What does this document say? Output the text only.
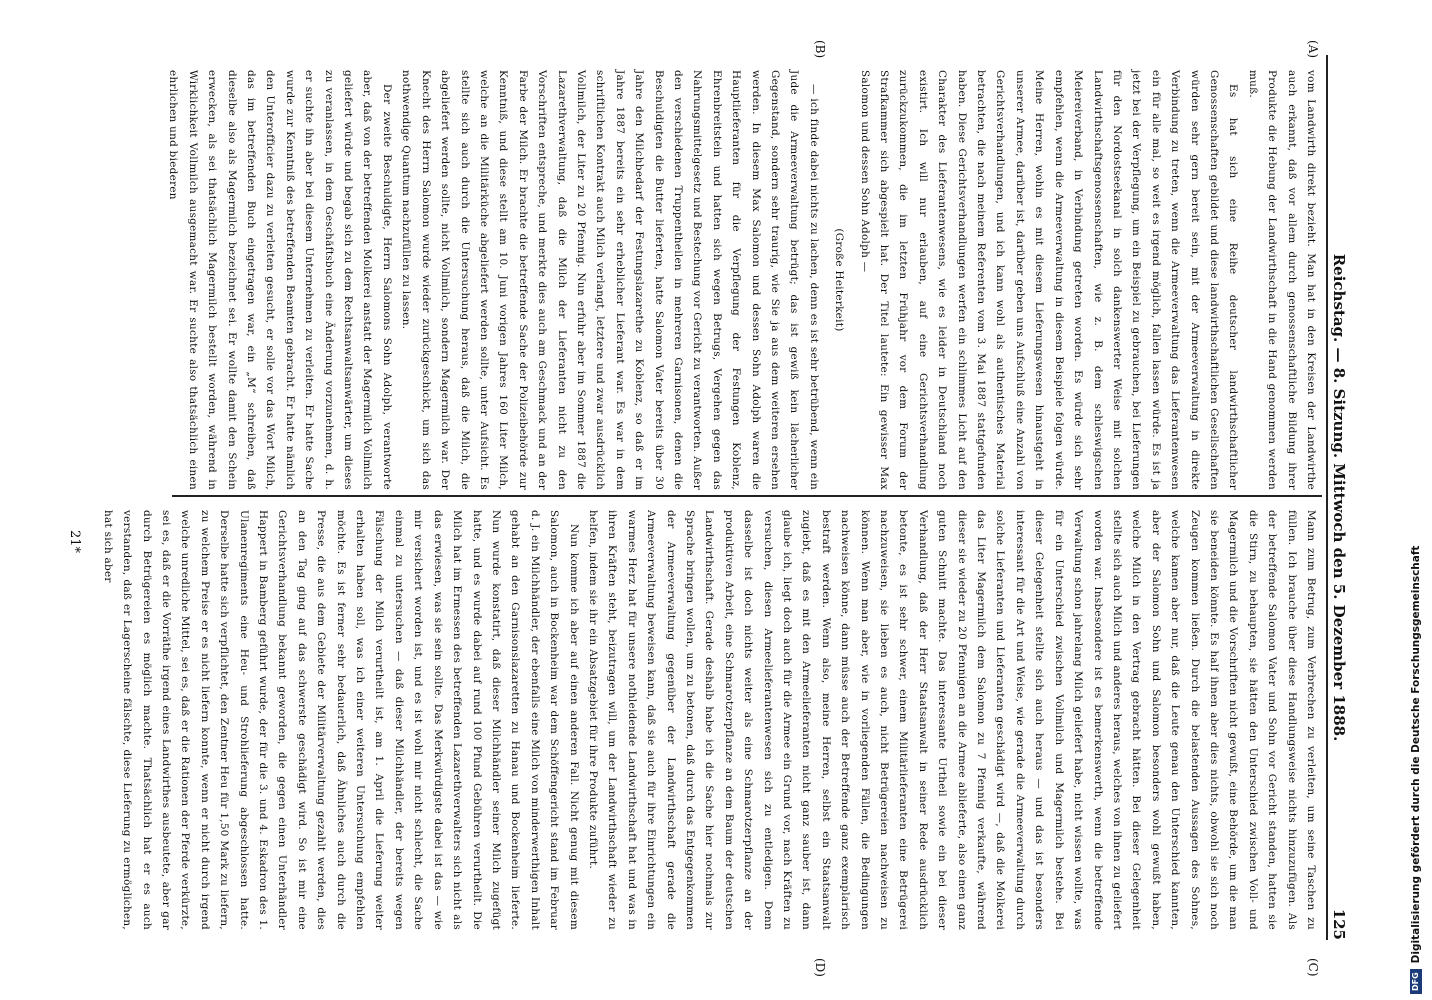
Reichstag. — 8. Sitzung. Mittwoch den 5. Dezember 1888.
125
(A)
(B)
(C)
(D)

vom Landwirth direkt bezieht. Man hat in den Kreisen der Landwirthe auch erkannt, daß vor allem durch genossenschaftliche Bildung ihrer Produkte die Hebung der Landwirthschaft in die Hand genommen werden muß.

Es hat sich eine Reihe deutscher landwirthschaftlicher Genossenschaften gebildet und diese landwirthschaftlichen Gesellschaften würden sehr gern bereit sein, mit der Armeeverwaltung in direkte Verbindung zu treten, wenn die Armeeverwaltung das Lieferantenwesen ein für alle mal, so weit es irgend möglich, fallen lassen würde. Es ist ja jetzt bei der Verpflegung, um ein Beispiel zu gebrauchen, bei Lieferungen für den Nordostseekanal in solch dankenswerter Weise mit solchen Landwirthschaftsgenossenschaften, wie z. B. dem schleswigschen Meiereiverband, in Verbindung getreten worden. Es würde sich sehr empfehlen, wenn die Armeeverwaltung in diesem Beispiele folgen würde. Meine Herren, wohin es mit diesem Lieferungswesen hinaustgeht in unserer Armee, darüber ist, darüber geben uns Aufschluß eine Anzahl von Gerichtsverhandlungen, und ich kann wohl als authentisches Material betrachten, die nach meinem Referenten vom 3. Mai 1887 stattgefunden haben. Diese Gerichtsverhandlungen werfen ein schlimmes Licht auf den Charakter des Lieferantenwesens, wie es leider in Deutschland noch existirt. Ich will nur erlauben, auf eine Gerichtsverhandlung zurückzukommen, die im letzten Frühjahr vor dem Forum der Strafkammer sich abgespielt hat. Der Titel lautete: Ein gewisser Max Salomon und dessen Sohn Adolph —

(Große Heiterkeit)

— ich finde dabei nichts zu lachen, denn es ist sehr betrübend, wenn ein Jude die Armeeverwaltung betrügt; das ist gewiß kein lächerlicher Gegenstand, sondern sehr traurig, wie Sie ja aus dem weiteren ersehen werden. In diesem Max Salomon und dessen Sohn Adolph waren die Hauptlieferanten für die Verpflegung der Festungen Koblenz, Ehrenbreitstein und hatten sich wegen Betrugs, Vergehen gegen das Nahrungsmittelgesetz und Bestechung vor Gericht zu verantworten. Außer den verschiedenen Truppentheilen in mehreren Garnisonen, denen die Beschuldigten die Butter lieferten, hatte Salomon Vater bereits über 30 Jahre den Milchbedarf der Festungslazarethe zu Koblenz, so daß er im Jahre 1887 bereits ein sehr erheblicher Lieferant war. Es war in dem schriftlichen Kontrakt auch Milch verlangt, letztere und zwar ausdrücklich Vollmilch, der Liter zu 20 Pfennig. Nun erfuhr aber im Sommer 1887 die Lazarethverwaltung, daß die Milch der Lieferanten nicht zu den Vorschriften entspreche, und merkte dies auch am Geschmack und an der Farbe der Milch. Er brachte die betreffende Sache der Polizeibehörde zur Kenntniß, und diese stellt am 10. Juni vorigen Jahres 160 Liter Milch, welche an die Militärküche abgeliefert werden sollte, unter Aufsicht. Es stellte sich auch durch die Untersuchung heraus, daß die Milch, die abgeliefert werden sollte, nicht Vollmilch, sondern Magermilch war. Der Knecht des Herrn Salomon wurde wieder zurückgeschickt, um sich das nothwendige Quantum nachzufüllen zu lassen.

Der zweite Beschuldigte, Herrn Salomons Sohn Adolph, verantworte aber, daß von der betreffenden Molkerei anstatt der Magermilch Vollmilch geliefert würde und begab sich zu dem Rechtsanwaltsanwärter, um dieses zu veranlassen, in dem Geschäftsbuch eine Änderung vorzunehmen, d. h. er suchte ihn aber bei diesem Unternehmen zu verleiten. Er hatte Sache wurde zur Kenntniß des betreffenden Beamten gebracht. Er hatte nämlich den Unterofficier dazu zu verleiten gesucht, er solle vor das Wort Milch, das im betreffenden Buch eingetragen war, ein „M“ schreiben, daß dieselbe also als Magermilch bezeichnet sei. Er wollte damit den Schein erwecken, als sei thatsächlich Magermilch bestellt worden, während in Wirklichkeit Vollmilch ausgemacht war. Er suchte also thatsächlich einen ehrlichen und biederen

Mann zum Betrug, zum Verbrechen zu verleiten, um seine Taschen zu füllen. Ich brauche über diese Handlungsweise nichts hinzuzufügen. Als der betreffende Salomon Vater und Sohn vor Gericht standen, hatten sie die Stirn, zu behaupten, sie hätten den Unterschied zwischen Voll- und Magermilch und die Vorschriften nicht gewußt, eine Behörde, um die man sie beneiden könnte. Es half ihnen aber dies nichts, obwohl sie sich noch Zeugen kommen ließen. Durch die belastenden Aussagen des Sohnes, welche kamen aber nur, daß die Leute genau den Unterschied kannten, aber der Salomon Sohn und Salomon besonders wohl gewußt haben, welche Milch in den Vertrag gebracht hätten. Bei dieser Gelegenheit stellte sich auch Milch und anderes heraus, welches von ihnen zu geliefert worden war. Insbesondere ist es bemerkenswerth, wenn die betreffende Verwaltung schon jahrelang Milch geliefert habe, nicht wissen wollte, was für ein Unterschied zwischen Vollmilch und Magermilch bestehe. Bei dieser Gelegenheit stellte sich auch heraus — und das ist besonders interessant für die Art und Weise, wie gerade die Armeeverwaltung durch solche Lieferanten und Lieferanten geschädigt wird —, daß die Molkerei das Liter Magermilch dem Salomon zu 7 Pfennig verkaufte, während dieser sie wieder zu 20 Pfennigen an die Armee ablieferte, also einen ganz guten Schnitt machte. Das interessante Urtheil sowie ein bei dieser Verhandlung, daß der Herr Staatsanwalt in seiner Rede ausdrücklich betonte, es ist sehr schwer, einem Militärlieferanten eine Betrügerei nachzuweisen, sie lieben es auch, nicht Betrügereien nachweisen zu können. Wenn man aber, wie in vorliegenden Fällen, die Bedingungen nachweisen könne, dann müsse auch der Betreffende ganz exemplarisch bestraft werden. Wenn also, meine Herren, selbst ein Staatsanwalt zugiebt, daß es mit den Armeelieferanten nicht ganz sauber ist, dann glaube ich, liegt doch auch für die Armee ein Grund vor, nach Kräften zu versuchen, diesen Armeelieferantenwesen sich zu entledigen. Denn dasselbe ist doch nichts weiter als eine Schmarotzerpflanze an der produktiven Arbeit, eine Schmarotzerpflanze an dem Baum der deutschen Landwirthschaft. Gerade deshalb habe ich die Sache hier nochmals zur Sprache bringen wollen, um zu betonen, daß durch das Entgegenkommen der Armeeverwaltung gegenüber der Landwirthschaft gerade die Armeeverwaltung beweisen kann, daß sie auch für ihre Einrichtungen ein warmes Herz hat für unsere nothleidende Landwirthschaft hat und was in ihren Kräften steht, beizutragen will, um der Landwirthschaft wieder zu helfen, indem sie ihr ein Absatzgebiet für ihre Produkte zuführt.

Nun komme ich aber auf einen anderen Fall. Nicht genug mit diesem Salomon, auch in Bockenheim war dem Schöffengericht stand im Februar d. J. ein Milchhändler, der ebenfalls eine Milch von minderwerthigen Inhalt gehabt an den Garnisonslazaretten zu Hanau und Bockenheim lieferte. Nun wurde konstatirt, daß dieser Milchhändler seiner Milch zugefügt hatte, und es wurde dabei auf rund 100 Pfund Gebühren verurtheilt. Die Milch hat im Ermessen des betreffenden Lazarethverwalters sich nicht als das erwiesen, was sie sein sollte. Das Merkwürdigste dabei ist das — wie mir versichert worden ist, und es ist wohl mir nicht schlecht, die Sache einmal zu untersuchen — daß dieser Milchhändler, der bereits wegen Fälschung der Milch verurtheilt ist, am 1. April die Lieferung weiter erhalten haben soll, was ich einer weiteren Untersuchung empfehlen möchte. Es ist ferner sehr bedauerlich, daß Ähnliches auch durch die Presse, die aus dem Gebiete der Militärverwaltung gezahlt werden, dies an den Tag ging auf das schwerste geschädigt wird. So ist mir eine Gerichtsverhandlung bekannt geworden, die gegen einen Unterhändler Happert in Bamberg geführt wurde, der für die 3. und 4. Eskadron des 1. Ulanenregiments eine Heu- und Strohlieferung abgeschlossen hatte. Derselbe hatte sich verpflichtet, den Zentner Heu für 1,50 Mark zu liefern, zu welchem Preise er es nicht liefern konnte, wenn er nicht durch irgend welche unredliche Mittel, sei es, daß er die Rationen der Pferde verkürzte, sei es, daß er die Vorräthe irgend eines Landwirthes ausbeutete, aber gar durch Betrügereien es möglich machte. Thatsächlich hat er es auch verstanden, daß er Lagerscheine fälschte, diese Lieferung zu ermöglichen, hat sich aber

21*
DFGDigitalisierung gefördert durch die Deutsche Forschungsgemeinschaft
